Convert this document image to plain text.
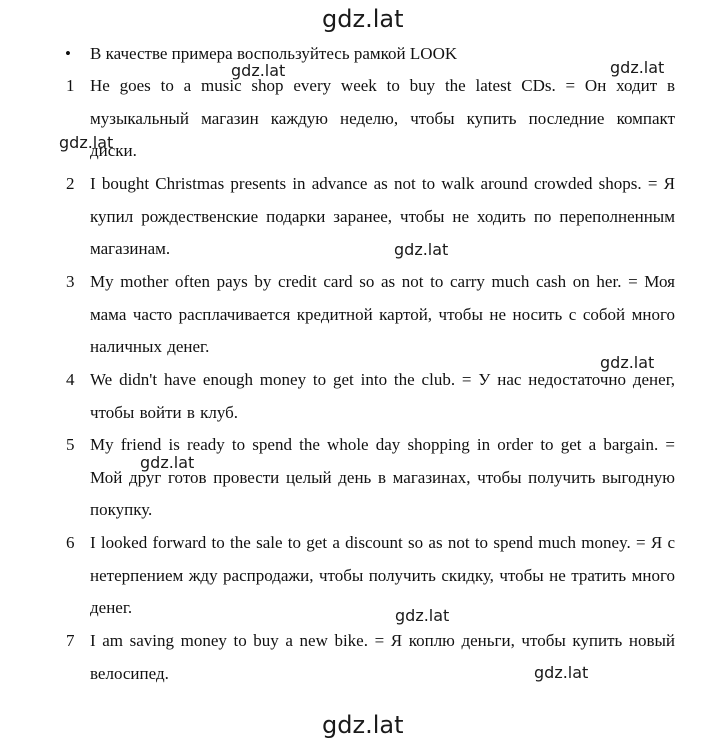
gdz.lat
• В качестве примера воспользуйтесь рамкой LOOK
1 He goes to a music shop every week to buy the latest CDs. = Он ходит в музыкальный магазин каждую неделю, чтобы купить последние компакт диски.
2 I bought Christmas presents in advance as not to walk around crowded shops. = Я купил рождественские подарки заранее, чтобы не ходить по переполненным магазинам.
3 My mother often pays by credit card so as not to carry much cash on her. = Моя мама часто расплачивается кредитной картой, чтобы не носить с собой много наличных денег.
4 We didn't have enough money to get into the club. = У нас недостаточно денег, чтобы войти в клуб.
5 My friend is ready to spend the whole day shopping in order to get a bargain. = Мой друг готов провести целый день в магазинах, чтобы получить выгодную покупку.
6 I looked forward to the sale to get a discount so as not to spend much money. = Я с нетерпением жду распродажи, чтобы получить скидку, чтобы не тратить много денег.
7 I am saving money to buy a new bike. = Я коплю деньги, чтобы купить новый велосипед.
gdz.lat	gdz.lat
gdz.lat
gdz.lat
gdz.lat
gdz.lat
gdz.lat
gdz.lat
gdz.lat
